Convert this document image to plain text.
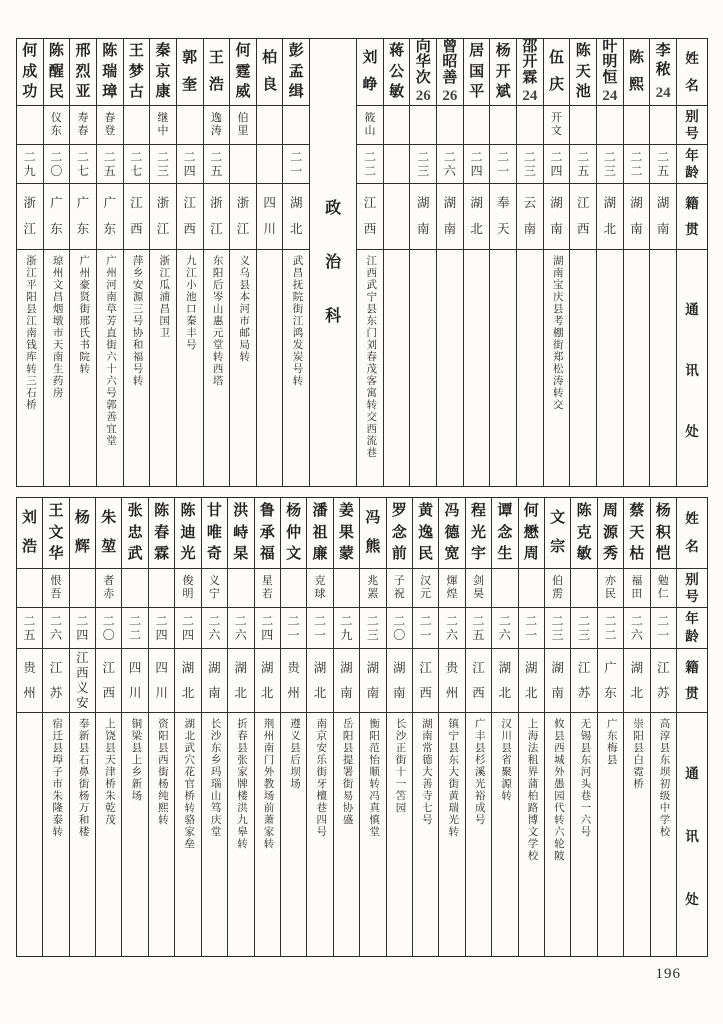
姓
名
别
号
年
龄
籍
贯
通
讯
处
李
秾
24
二
五
湖
南
陈
熙
二
二
湖
南
叶
明
恒
24
二
三
湖
北
陈
天
池
二
五
江
西
伍
庆
开
文
二
四
湖
南
湖南宝庆县考棚街郑松涛转交
邵
开
霖
24
二
三
云
南
杨
开
斌
二
一
奉
天
居
国
平
二
四
湖
北
曾
昭
善
26
二
六
湖
南
向
华
次
26
二
三
湖
南
蒋
公
敏
刘
峥
筱
山
二
二
江
西
江西武宁县东门刘春茂客寓转交西流巷
政
治
科
彭
孟
缉
二
一
湖
北
武昌抚院街江鸿发炭号转
柏
良
四
川
何
霆
威
伯
里
浙
江
义乌县本河市邮局转
王
浩
逸
涛
二
五
浙
江
东阳后岑山惠元堂转西塔
郭
奎
二
四
江
西
九江小池口秦丰号
秦
京
康
继
中
二
三
浙
江
浙江瓜浦昌国卫
王
梦
古
二
七
江
西
萍乡安源三号协和福号转
陈
瑞
璋
春
登
二
五
广
东
广州河南草芳直街六十六号郭善宜堂
邢
烈
亚
寿
春
二
七
广
东
广州豪贤街邢氏书院转
陈
醒
民
仪
东
二
〇
广
东
琼州文昌烟墩市天南生药房
何
成
功
二
九
浙
江
浙江平阳县江南钱库转三石桥
姓
名
别
号
年
龄
籍
贯
通
讯
处
杨
积
恺
勉
仁
二
一
江
苏
高淳县东坝初级中学校
蔡
天
枯
福
田
二
六
湖
北
崇阳县白霓桥
周
源
秀
亦
民
二
二
广
东
广东梅县
陈
克
敏
二
三
江
苏
无锡县东河头巷一六号
文
宗
伯
雳
二
三
湖
南
攸县西城外愚园代转六轮陂
何
懋
周
二
一
湖
北
上海法租界蒲柏路博文学校
谭
念
生
二
六
湖
北
汉川县省聚源转
程
光
宇
剑
昊
二
五
江
西
广丰县杉溪光裕成号
冯
德
宽
煇
煌
二
六
贵
州
镇宁县东大街黄瑞光转
黄
逸
民
汉
元
二
一
江
西
湖南常德大善寺七号
罗
念
前
子
祝
二
〇
湖
南
长沙正街十一笘园
冯
熊
兆
罴
二
三
湖
南
衡阳范怡顺转冯真慎堂
姜
果
蒙
二
九
湖
南
岳阳县提署街易协盛
潘
祖
廉
克
球
二
一
湖
北
南京安乐街牙檀巷四号
杨
仲
文
二
一
贵
州
遵义县后坝场
鲁
承
福
星
若
二
四
湖
北
荆州南门外教场前萧家转
洪
峙
杲
二
六
湖
北
折春县张家牌楼洪九皋转
甘
唯
奇
义
宁
二
六
湖
南
长沙东乡玛瑙山笃庆堂
陈
迪
光
俊
明
二
四
湖
北
湖北武穴花官桥转骆家垒
陈
春
霖
二
四
四
川
资阳县西街杨纯熙转
张
忠
武
二
二
四
川
铜梁县上乡新场
朱
堃
者
赤
二
〇
江
西
上饶县天津桥朱乾茂
杨
辉
二
四
江
西
义
安
奉新县石鼻街杨万和楼
王
文
华
恨
吾
二
六
江
苏
宿迁县埠子市朱隆泰转
刘
浩
二
五
贵
州
196
